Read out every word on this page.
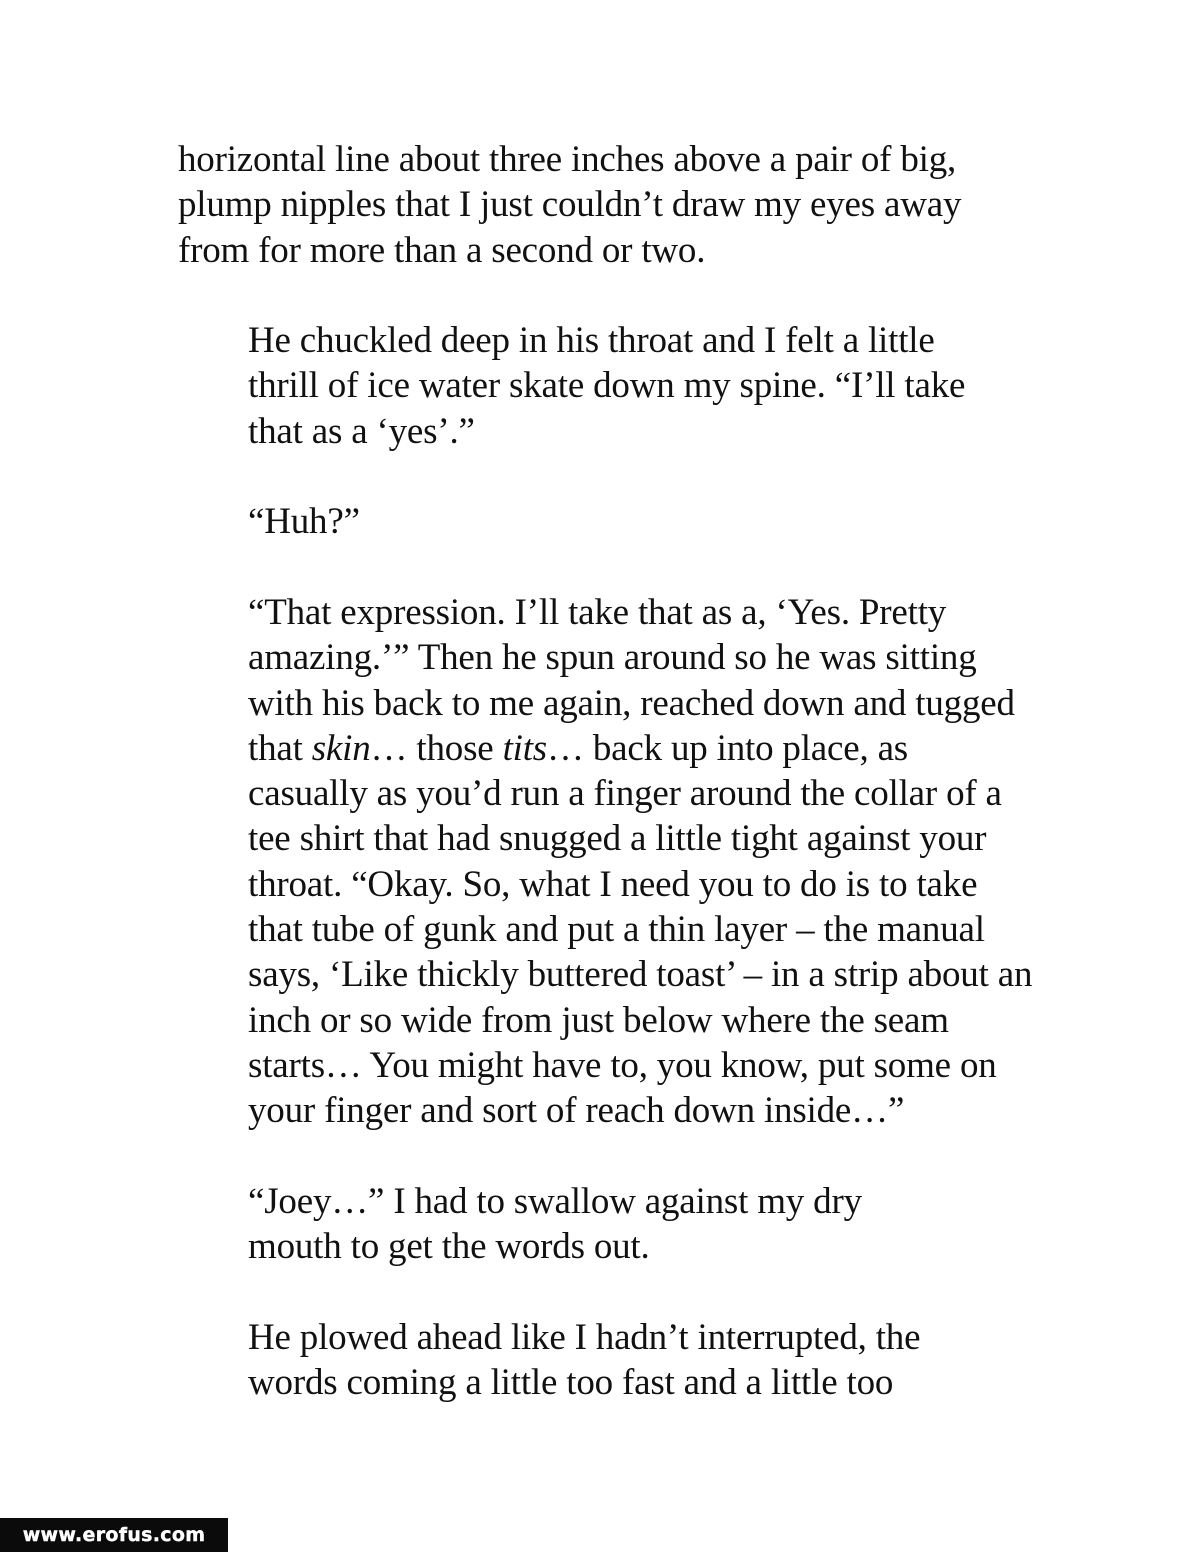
horizontal line about three inches above a pair of big,
plump nipples that I just couldn’t draw my eyes away
from for more than a second or two.
He chuckled deep in his throat and I felt a little
thrill of ice water skate down my spine. “I’ll take
that as a ‘yes’.”
“Huh?”
“That expression. I’ll take that as a, ‘Yes. Pretty
amazing.’” Then he spun around so he was sitting
with his back to me again, reached down and tugged
that skin… those tits… back up into place, as
casually as you’d run a finger around the collar of a
tee shirt that had snugged a little tight against your
throat. “Okay. So, what I need you to do is to take
that tube of gunk and put a thin layer – the manual
says, ‘Like thickly buttered toast’ – in a strip about an
inch or so wide from just below where the seam
starts… You might have to, you know, put some on
your finger and sort of reach down inside…”
“Joey…” I had to swallow against my dry
mouth to get the words out.
He plowed ahead like I hadn’t interrupted, the
words coming a little too fast and a little too
www.erofus.com
